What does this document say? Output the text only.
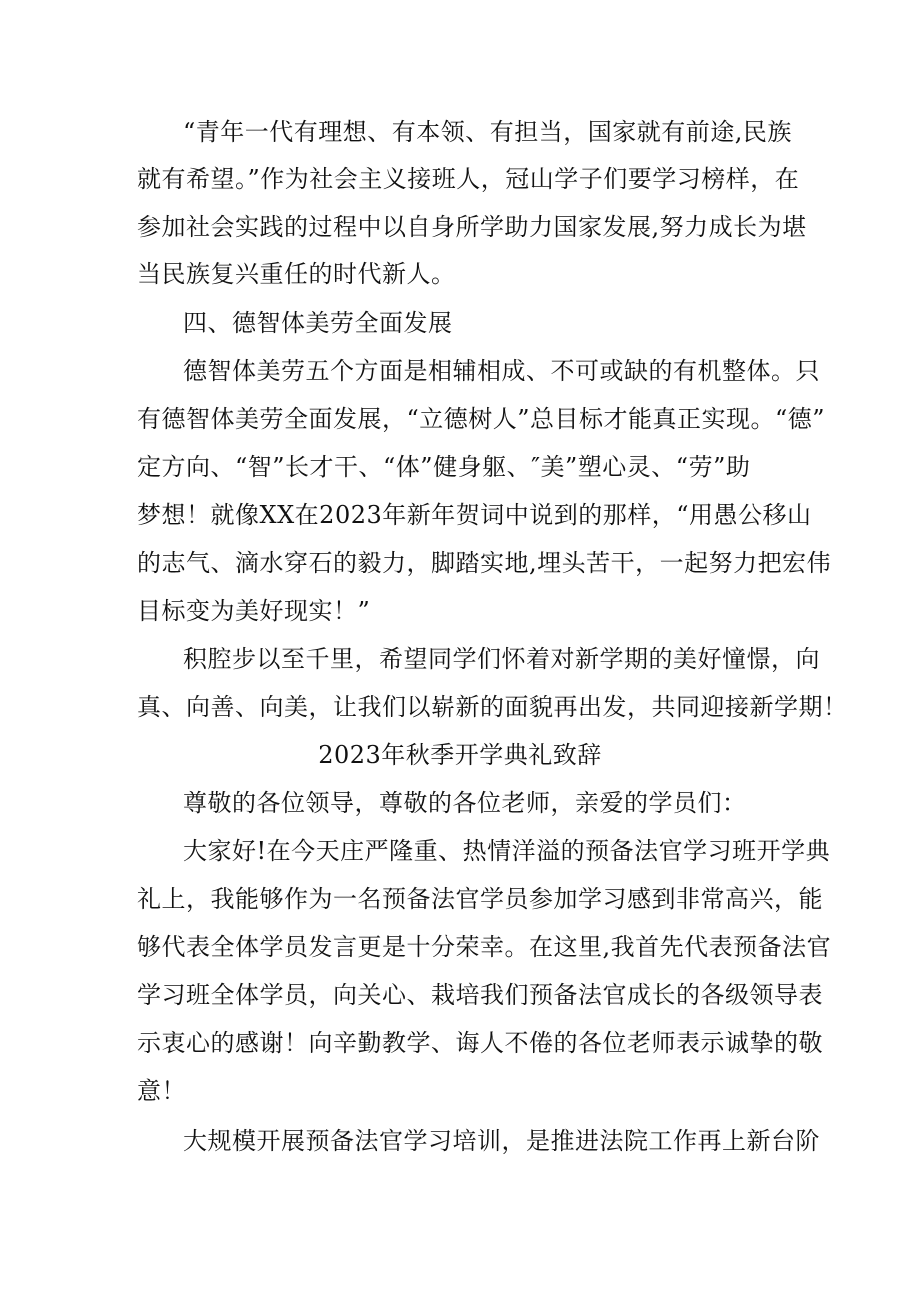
“青年一代有理想、有本领、有担当，国家就有前途,民族
就有希望。”作为社会主义接班人，冠山学子们要学习榜样，在
参加社会实践的过程中以自身所学助力国家发展,努力成长为堪
当民族复兴重任的时代新人。
四、德智体美劳全面发展
德智体美劳五个方面是相辅相成、不可或缺的有机整体。只
有德智体美劳全面发展，“立德树人”总目标才能真正实现。“德”
定方向、“智”长才干、“体”健身躯、″美”塑心灵、“劳”助
梦想！就像XX在2023年新年贺词中说到的那样，“用愚公移山
的志气、滴水穿石的毅力，脚踏实地,埋头苦干，一起努力把宏伟
目标变为美好现实！”
积腔步以至千里，希望同学们怀着对新学期的美好憧憬，向
真、向善、向美，让我们以崭新的面貌再出发，共同迎接新学期！
2023年秋季开学典礼致辞
尊敬的各位领导，尊敬的各位老师，亲爱的学员们：
大家好!在今天庄严隆重、热情洋溢的预备法官学习班开学典
礼上，我能够作为一名预备法官学员参加学习感到非常高兴，能
够代表全体学员发言更是十分荣幸。在这里,我首先代表预备法官
学习班全体学员，向关心、栽培我们预备法官成长的各级领导表
示衷心的感谢！向辛勤教学、诲人不倦的各位老师表示诚挚的敬
意！
大规模开展预备法官学习培训，是推进法院工作再上新台阶
